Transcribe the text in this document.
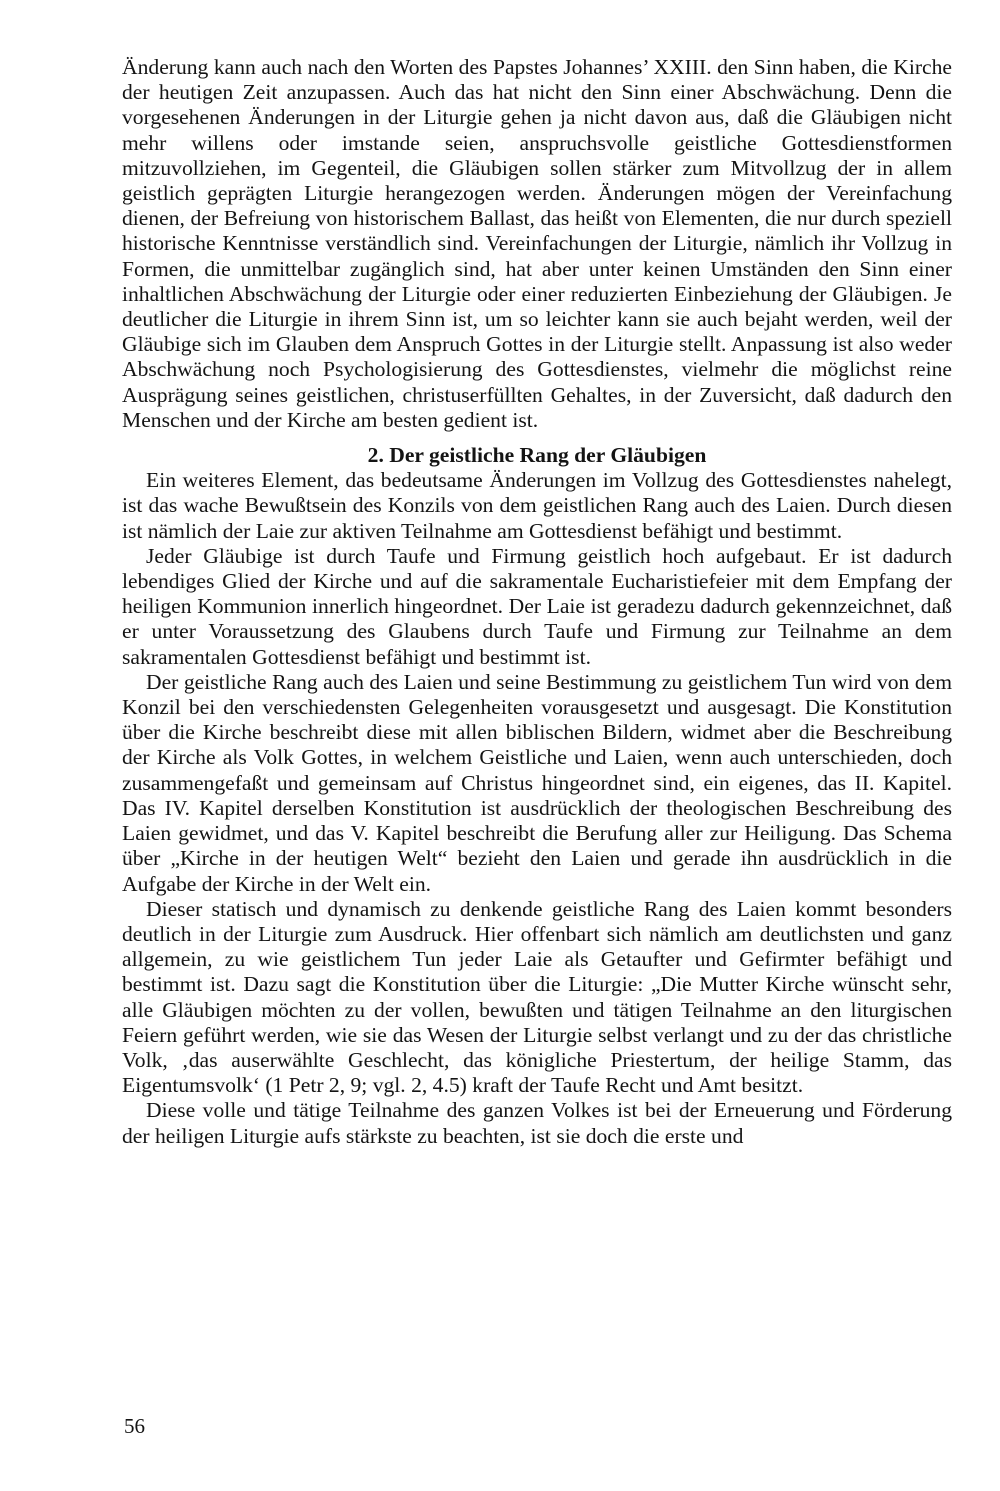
Änderung kann auch nach den Worten des Papstes Johannes’ XXIII. den Sinn haben, die Kirche der heutigen Zeit anzupassen. Auch das hat nicht den Sinn einer Abschwächung. Denn die vorgesehenen Änderungen in der Liturgie gehen ja nicht davon aus, daß die Gläubigen nicht mehr willens oder imstande seien, anspruchsvolle geistliche Gottesdienstformen mitzuvollziehen, im Gegenteil, die Gläubigen sollen stärker zum Mitvollzug der in allem geistlich geprägten Liturgie herangezogen werden. Änderungen mögen der Vereinfachung dienen, der Befreiung von historischem Ballast, das heißt von Elementen, die nur durch speziell historische Kenntnisse verständlich sind. Vereinfachungen der Liturgie, nämlich ihr Vollzug in Formen, die unmittelbar zugänglich sind, hat aber unter keinen Umständen den Sinn einer inhaltlichen Abschwächung der Liturgie oder einer reduzierten Einbeziehung der Gläubigen. Je deutlicher die Liturgie in ihrem Sinn ist, um so leichter kann sie auch bejaht werden, weil der Gläubige sich im Glauben dem Anspruch Gottes in der Liturgie stellt. Anpassung ist also weder Abschwächung noch Psychologisierung des Gottesdienstes, vielmehr die möglichst reine Ausprägung seines geistlichen, christuserfüllten Gehaltes, in der Zuversicht, daß dadurch den Menschen und der Kirche am besten gedient ist.

2. Der geistliche Rang der Gläubigen

Ein weiteres Element, das bedeutsame Änderungen im Vollzug des Gottesdienstes nahelegt, ist das wache Bewußtsein des Konzils von dem geistlichen Rang auch des Laien. Durch diesen ist nämlich der Laie zur aktiven Teilnahme am Gottesdienst befähigt und bestimmt.

Jeder Gläubige ist durch Taufe und Firmung geistlich hoch aufgebaut. Er ist dadurch lebendiges Glied der Kirche und auf die sakramentale Eucharistiefeier mit dem Empfang der heiligen Kommunion innerlich hingeordnet. Der Laie ist geradezu dadurch gekennzeichnet, daß er unter Voraussetzung des Glaubens durch Taufe und Firmung zur Teilnahme an dem sakramentalen Gottesdienst befähigt und bestimmt ist.

Der geistliche Rang auch des Laien und seine Bestimmung zu geistlichem Tun wird von dem Konzil bei den verschiedensten Gelegenheiten vorausgesetzt und ausgesagt. Die Konstitution über die Kirche beschreibt diese mit allen biblischen Bildern, widmet aber die Beschreibung der Kirche als Volk Gottes, in welchem Geistliche und Laien, wenn auch unterschieden, doch zusammengefaßt und gemeinsam auf Christus hingeordnet sind, ein eigenes, das II. Kapitel. Das IV. Kapitel derselben Konstitution ist ausdrücklich der theologischen Beschreibung des Laien gewidmet, und das V. Kapitel beschreibt die Berufung aller zur Heiligung. Das Schema über „Kirche in der heutigen Welt“ bezieht den Laien und gerade ihn ausdrücklich in die Aufgabe der Kirche in der Welt ein.

Dieser statisch und dynamisch zu denkende geistliche Rang des Laien kommt besonders deutlich in der Liturgie zum Ausdruck. Hier offenbart sich nämlich am deutlichsten und ganz allgemein, zu wie geistlichem Tun jeder Laie als Getaufter und Gefirmter befähigt und bestimmt ist. Dazu sagt die Konstitution über die Liturgie: „Die Mutter Kirche wünscht sehr, alle Gläubigen möchten zu der vollen, bewußten und tätigen Teilnahme an den liturgischen Feiern geführt werden, wie sie das Wesen der Liturgie selbst verlangt und zu der das christliche Volk, ‚das auserwählte Geschlecht, das königliche Priestertum, der heilige Stamm, das Eigentumsvolk‘ (1 Petr 2, 9; vgl. 2, 4.5) kraft der Taufe Recht und Amt besitzt.

Diese volle und tätige Teilnahme des ganzen Volkes ist bei der Erneuerung und Förderung der heiligen Liturgie aufs stärkste zu beachten, ist sie doch die erste und

56
